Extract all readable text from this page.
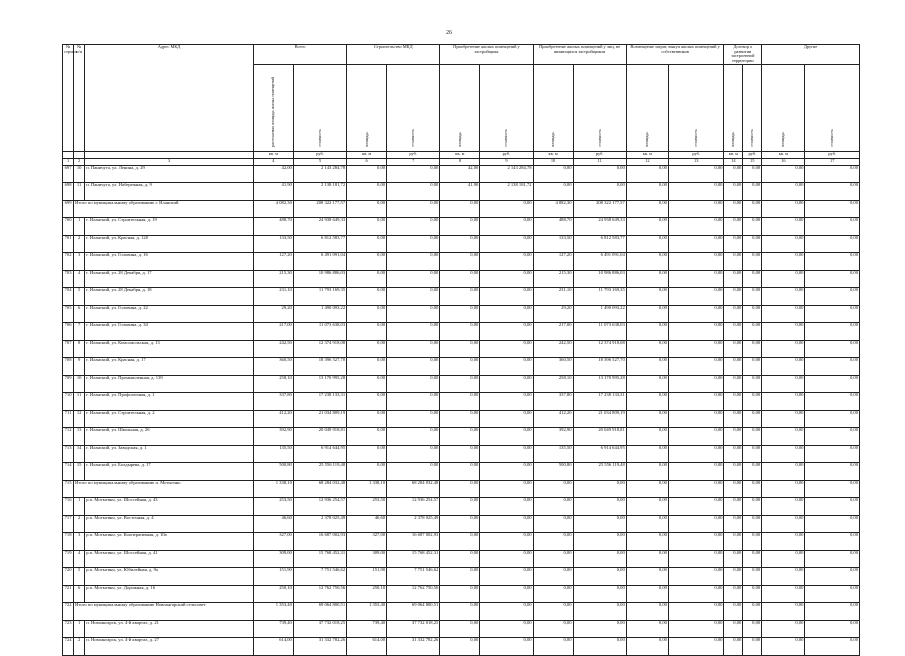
26
№ строки	№ п/п	Адрес МКД	Всего		Строительство МКД		Приобретение жилых помещений у застройщика		Приобретение жилых помещений у лиц, не являющихся застройщиком		Возмещение затрат, выкуп жилых помещений у собственников		Договор о развитии застроенной территории		Другие	
			расселяемая площадь жилых помещений	стоимость	площадь	стоимость	площадь	стоимость	площадь	стоимость	площадь	стоимость	площадь	стоимость	площадь	стоимость
			кв. м	руб.	кв. м	руб.	кв. м	руб.	кв. м	руб.	кв. м	руб.	кв. м	руб.	кв. м	руб.
1	2	3	4	5	6	7	8	9	10	11	12	13	14	15	16	17
697	10	п. Паничуга, ул. Ленина, д. 29	42,00	2 143 284,78	0,00	0,00	42,00	2 143 284,78	0,00	0,00	0,00	0,00	0,00	0,00	0,00	0,00
698	11	п. Паничуга, ул. Набережная, д. 9	41,90	2 138 181,72	0,00	0,00	41,90	2 138 181,72	0,00	0,00	0,00	0,00	0,00	0,00	0,00	0,00
699	Итого по муниципальному образованию г. Иланский		4 082,30	208 322 177,57	0,00	0,00	0,00	0,00	4 082,30	208 322 177,57	0,00	0,00	0,00	0,00	0,00	0,00
700	1	г. Иланский, ул. Строительная, д. 19	488,70	24 938 649,33	0,00	0,00	0,00	0,00	488,70	24 938 649,33	0,00	0,00	0,00	0,00	0,00	0,00
701	2	г. Иланский, ул. Красная, д. 120	133,50	6 812 583,77	0,00	0,00	0,00	0,00	133,50	6 812 583,77	0,00	0,00	0,00	0,00	0,00	0,00
702	3	г. Иланский, ул. Головина, д. 16	127,20	6 491 091,04	0,00	0,00	0,00	0,00	127,20	6 491 091,04	0,00	0,00	0,00	0,00	0,00	0,00
703	4	г. Иланский, ул. 28 Декабря, д. 17	215,30	10 986 886,03	0,00	0,00	0,00	0,00	215,30	10 986 886,03	0,00	0,00	0,00	0,00	0,00	0,00
704	5	г. Иланский, ул. 28 Декабря, д. 18	231,10	11 793 169,35	0,00	0,00	0,00	0,00	231,10	11 793 169,35	0,00	0,00	0,00	0,00	0,00	0,00
705	6	г. Иланский, ул. Головина, д. 22	29,20	1 490 093,22	0,00	0,00	0,00	0,00	29,20	1 490 093,22	0,00	0,00	0,00	0,00	0,00	0,00
706	7	г. Иланский, ул. Головина, д. 34	217,00	11 073 638,03	0,00	0,00	0,00	0,00	217,00	11 073 638,03	0,00	0,00	0,00	0,00	0,00	0,00
707	8	г. Иланский, ул. Комсомольская, д. 13	242,50	12 374 918,08	0,00	0,00	0,00	0,00	242,50	12 374 918,08	0,00	0,00	0,00	0,00	0,00	0,00
708	9	г. Иланский, ул. Красная, д. 17	360,50	18 396 527,70	0,00	0,00	0,00	0,00	360,50	18 396 527,70	0,00	0,00	0,00	0,00	0,00	0,00
709	10	г. Иланский, ул. Промышленная, д. 139	258,10	13 170 995,28	0,00	0,00	0,00	0,00	258,10	13 170 995,28	0,00	0,00	0,00	0,00	0,00	0,00
710	11	г. Иланский, ул. Профсоюзная, д. 1	337,80	17 238 133,31	0,00	0,00	0,00	0,00	337,80	17 238 133,31	0,00	0,00	0,00	0,00	0,00	0,00
711	12	г. Иланский, ул. Строительная, д. 2	412,20	21 034 809,19	0,00	0,00	0,00	0,00	412,20	21 034 809,19	0,00	0,00	0,00	0,00	0,00	0,00
712	13	г. Иланский, ул. Школьная, д. 26	392,90	20 049 918,81	0,00	0,00	0,00	0,00	392,90	20 049 918,81	0,00	0,00	0,00	0,00	0,00	0,00
713	14	г. Иланский, ул. Заводская, д. 1	135,50	6 914 644,95	0,00	0,00	0,00	0,00	135,50	6 914 644,95	0,00	0,00	0,00	0,00	0,00	0,00
714	15	г. Иланский, ул. Болдырева, д. 17	500,80	25 556 119,48	0,00	0,00	0,00	0,00	500,80	25 556 119,48	0,00	0,00	0,00	0,00	0,00	0,00
715	Итого по муниципальному образованию п. Мотыгино		1 338,10	68 284 032,48	1 338,10	68 284 032,48	0,00	0,00	0,00	0,00	0,00	0,00	0,00	0,00	0,00	0,00
716	1	р.п. Мотыгино, ул. Шоссейная, д. 43	253,50	12 936 254,57	253,50	12 936 254,57	0,00	0,00	0,00	0,00	0,00	0,00	0,00	0,00	0,00	0,00
717	2	р.п. Мотыгино, ул. Восточная, д. 4	46,60	2 378 025,49	46,60	2 378 025,49	0,00	0,00	0,00	0,00	0,00	0,00	0,00	0,00	0,00	0,00
718	3	р.п. Мотыгино, ул. Кооперативная, д. 10а	327,00	16 687 002,93	327,00	16 687 002,93	0,00	0,00	0,00	0,00	0,00	0,00	0,00	0,00	0,00	0,00
719	4	р.п. Мотыгино, ул. Шоссейная, д. 41	309,00	15 768 452,31	309,00	15 768 452,31	0,00	0,00	0,00	0,00	0,00	0,00	0,00	0,00	0,00	0,00
720	5	р.п. Мотыгино, ул. Юбилейная, д. 9а	151,90	7 751 546,62	151,90	7 751 546,62	0,00	0,00	0,00	0,00	0,00	0,00	0,00	0,00	0,00	0,00
721	6	р.п. Мотыгино, ул. Дорожная, д. 16	250,10	12 762 750,56	250,10	12 762 750,56	0,00	0,00	0,00	0,00	0,00	0,00	0,00	0,00	0,00	0,00
722	Итого по муниципальному образованию Новоангарский сельсовет		1 353,40	69 064 800,51	1 353,40	69 064 800,51	0,00	0,00	0,00	0,00	0,00	0,00	0,00	0,00	0,00	0,00
723	1	п. Новоангарск, ул. 4-й квартал, д. 21	739,40	37 732 018,25	739,40	37 732 018,25	0,00	0,00	0,00	0,00	0,00	0,00	0,00	0,00	0,00	0,00
724	2	п. Новоангарск, ул. 4-й квартал, д. 27	614,00	31 332 782,26	614,00	31 332 782,26	0,00	0,00	0,00	0,00	0,00	0,00	0,00	0,00	0,00	0,00
